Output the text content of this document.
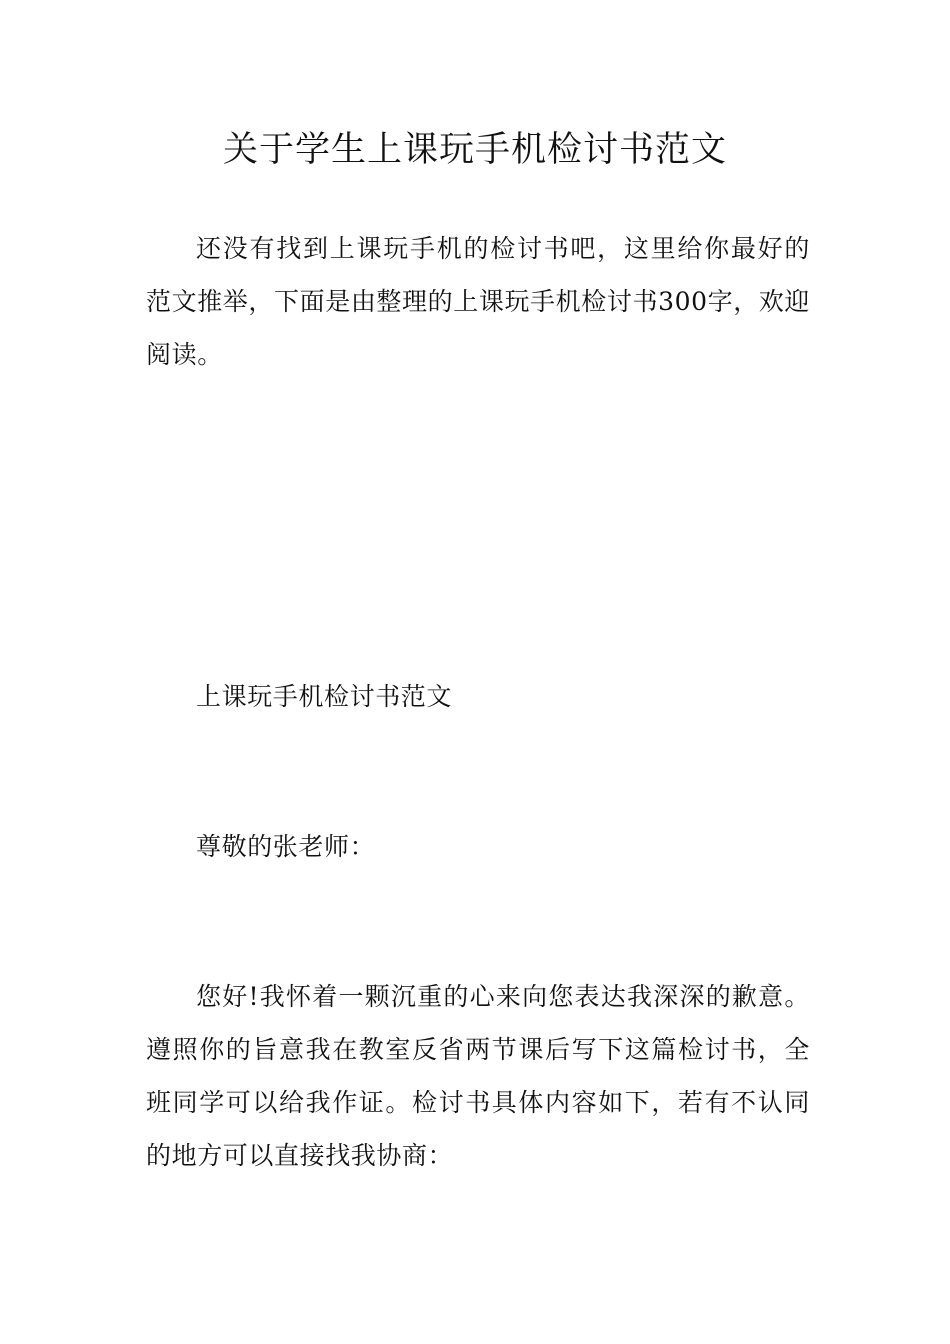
关于学生上课玩手机检讨书范文

还没有找到上课玩手机的检讨书吧，这里给你最好的范文推举，下面是由整理的上课玩手机检讨书300字，欢迎阅读。

上课玩手机检讨书范文

尊敬的张老师：

您好!我怀着一颗沉重的心来向您表达我深深的歉意。遵照你的旨意我在教室反省两节课后写下这篇检讨书，全班同学可以给我作证。检讨书具体内容如下，若有不认同的地方可以直接找我协商：
